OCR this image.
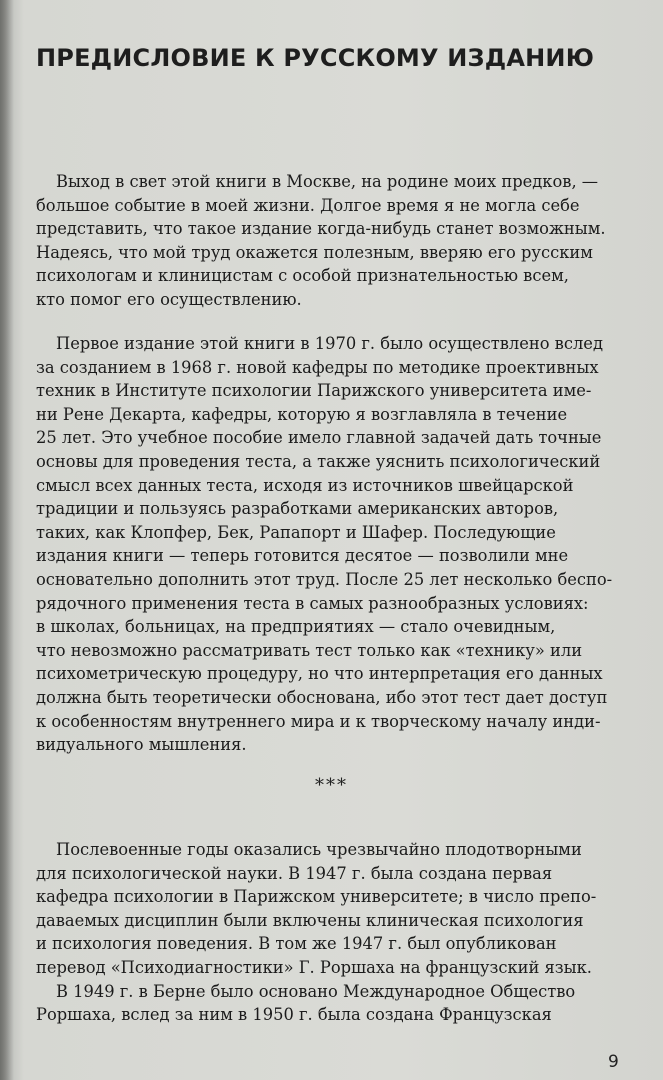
ПРЕДИСЛОВИЕ К РУССКОМУ ИЗДАНИЮ
Выход в свет этой книги в Москве, на родине моих предков, —
большое событие в моей жизни. Долгое время я не могла себе
представить, что такое издание когда-нибудь станет возможным.
Надеясь, что мой труд окажется полезным, вверяю его русским
психологам и клиницистам с особой признательностью всем,
кто помог его осуществлению.
Первое издание этой книги в 1970 г. было осуществлено вслед
за созданием в 1968 г. новой кафедры по методике проективных
техник в Институте психологии Парижского университета име-
ни Рене Декарта, кафедры, которую я возглавляла в течение
25 лет. Это учебное пособие имело главной задачей дать точные
основы для проведения теста, а также уяснить психологический
смысл всех данных теста, исходя из источников швейцарской
традиции и пользуясь разработками американских авторов,
таких, как Клопфер, Бек, Рапапорт и Шафер. Последующие
издания книги — теперь готовится десятое — позволили мне
основательно дополнить этот труд. После 25 лет несколько беспо-
рядочного применения теста в самых разнообразных условиях:
в школах, больницах, на предприятиях — стало очевидным,
что невозможно рассматривать тест только как «технику» или
психометрическую процедуру, но что интерпретация его данных
должна быть теоретически обоснована, ибо этот тест дает доступ
к особенностям внутреннего мира и к творческому началу инди-
видуального мышления.
***
Послевоенные годы оказались чрезвычайно плодотворными
для психологической науки. В 1947 г. была создана первая
кафедра психологии в Парижском университете; в число препо-
даваемых дисциплин были включены клиническая психология
и психология поведения. В том же 1947 г. был опубликован
перевод «Психодиагностики» Г. Роршаха на французский язык.
В 1949 г. в Берне было основано Международное Общество
Роршаха, вслед за ним в 1950 г. была создана Французская
9
